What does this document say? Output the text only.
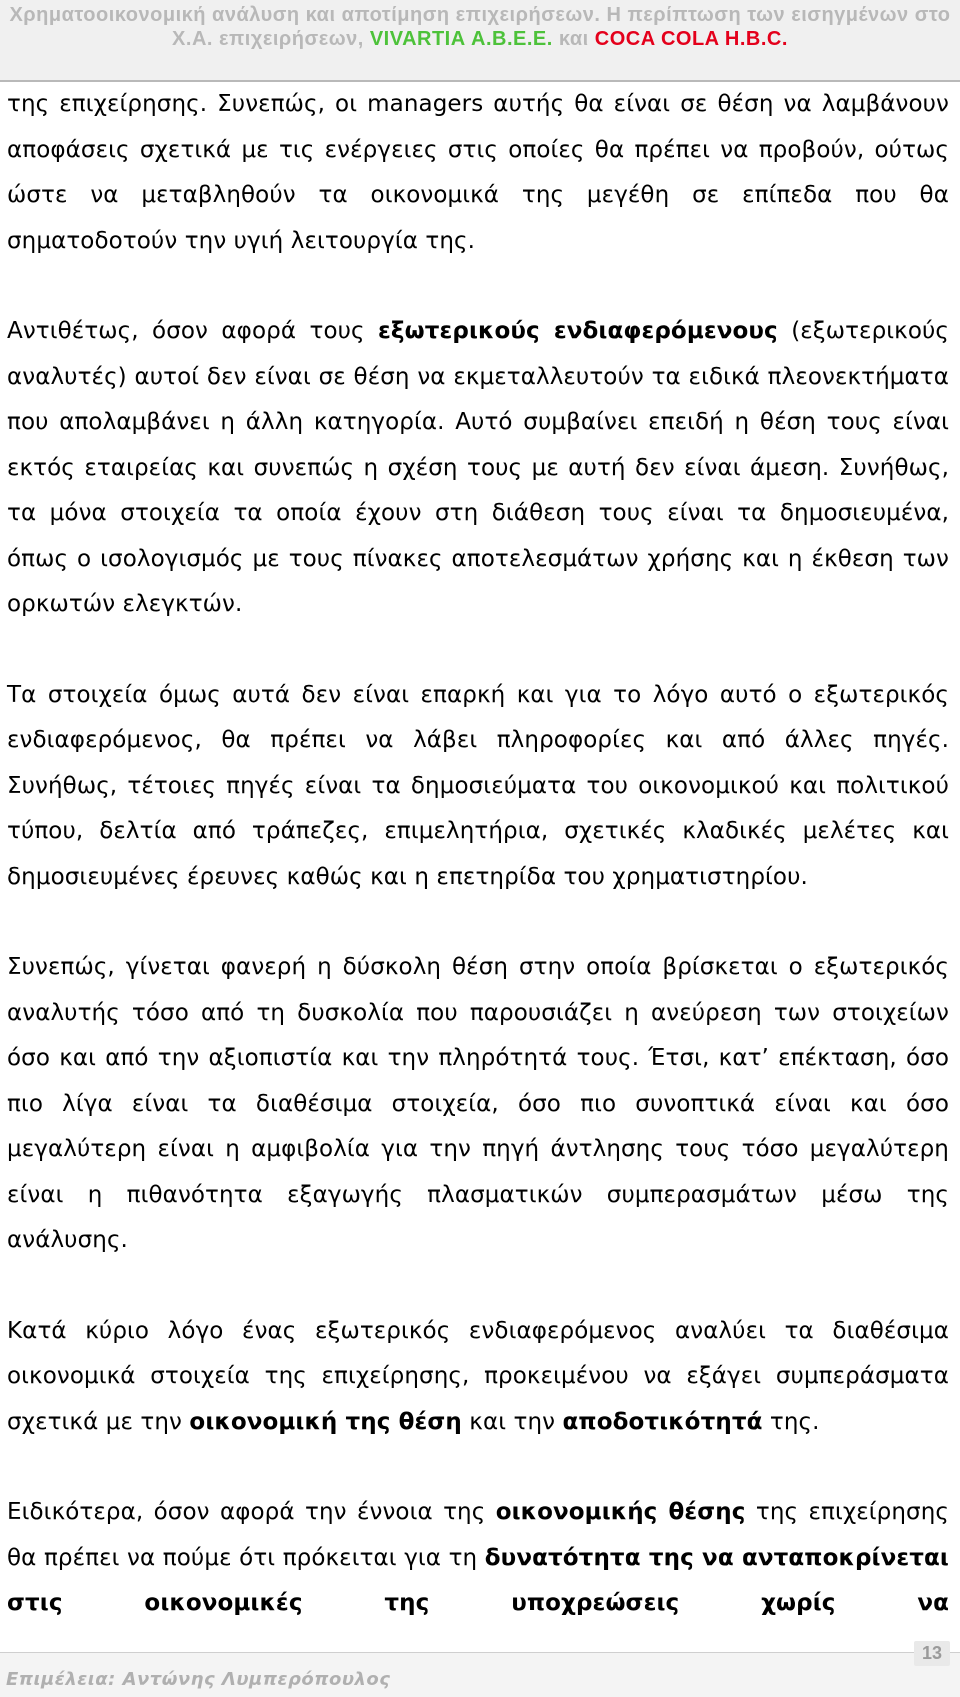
Χρηματοοικονομική ανάλυση και αποτίμηση επιχειρήσεων. Η περίπτωση των εισηγμένων στο
Χ.Α. επιχειρήσεων, VIVARTIA Α.Β.Ε.Ε. και COCA COLA H.B.C.

της επιχείρησης. Συνεπώς, οι managers αυτής θα είναι σε θέση να λαμβάνουν αποφάσεις σχετικά με τις ενέργειες στις οποίες θα πρέπει να προβούν, ούτως ώστε να μεταβληθούν τα οικονομικά της μεγέθη σε επίπεδα που θα σηματοδοτούν την υγιή λειτουργία της.

Αντιθέτως, όσον αφορά τους εξωτερικούς ενδιαφερόμενους (εξωτερικούς αναλυτές) αυτοί δεν είναι σε θέση να εκμεταλλευτούν τα ειδικά πλεονεκτήματα που απολαμβάνει η άλλη κατηγορία. Αυτό συμβαίνει επειδή η θέση τους είναι εκτός εταιρείας και συνεπώς η σχέση τους με αυτή δεν είναι άμεση. Συνήθως, τα μόνα στοιχεία τα οποία έχουν στη διάθεση τους είναι τα δημοσιευμένα, όπως ο ισολογισμός με τους πίνακες αποτελεσμάτων χρήσης και η έκθεση των ορκωτών ελεγκτών.

Τα στοιχεία όμως αυτά δεν είναι επαρκή και για το λόγο αυτό ο εξωτερικός ενδιαφερόμενος, θα πρέπει να λάβει πληροφορίες και από άλλες πηγές. Συνήθως, τέτοιες πηγές είναι τα δημοσιεύματα του οικονομικού και πολιτικού τύπου, δελτία από τράπεζες, επιμελητήρια, σχετικές κλαδικές μελέτες και δημοσιευμένες έρευνες καθώς και η επετηρίδα του χρηματιστηρίου.

Συνεπώς, γίνεται φανερή η δύσκολη θέση στην οποία βρίσκεται ο εξωτερικός αναλυτής τόσο από τη δυσκολία που παρουσιάζει η ανεύρεση των στοιχείων όσο και από την αξιοπιστία και την πληρότητά τους. Έτσι, κατ’ επέκταση, όσο πιο λίγα είναι τα διαθέσιμα στοιχεία, όσο πιο συνοπτικά είναι και όσο μεγαλύτερη είναι η αμφιβολία για την πηγή άντλησης τους τόσο μεγαλύτερη είναι η πιθανότητα εξαγωγής πλασματικών συμπερασμάτων μέσω της ανάλυσης.

Κατά κύριο λόγο ένας εξωτερικός ενδιαφερόμενος αναλύει τα διαθέσιμα οικονομικά στοιχεία της επιχείρησης, προκειμένου να εξάγει συμπεράσματα σχετικά με την οικονομική της θέση και την αποδοτικότητά της.

Ειδικότερα, όσον αφορά την έννοια της οικονομικής θέσης της επιχείρησης θα πρέπει να πούμε ότι πρόκειται για τη δυνατότητα της να ανταποκρίνεται στις οικονομικές της υποχρεώσεις χωρίς να

Επιμέλεια: Αντώνης Λυμπερόπουλος
13
